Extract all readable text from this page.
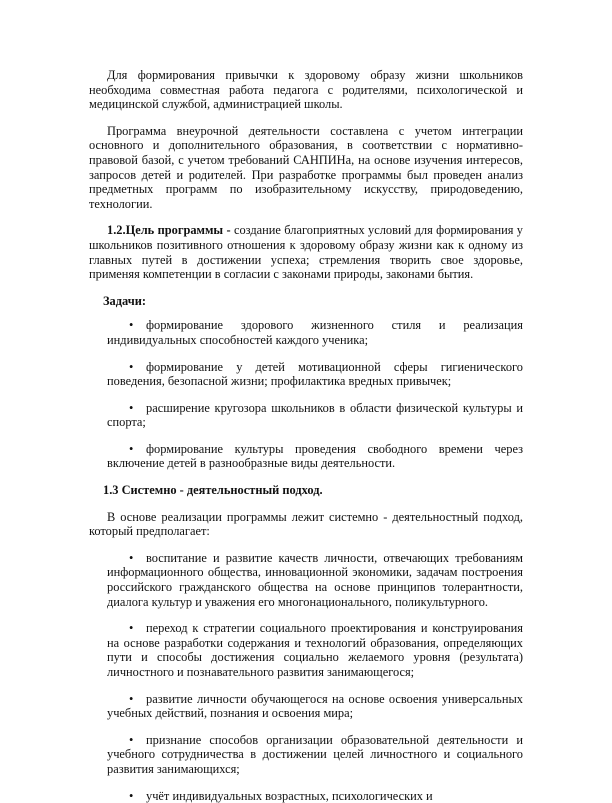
Для формирования привычки к здоровому образу жизни школьников необходима совместная работа педагога с родителями, психологической и медицинской службой, администрацией школы.

Программа внеурочной деятельности составлена с учетом интеграции основного и дополнительного образования, в соответствии с нормативно-правовой базой, с учетом требований САНПИНа, на основе изучения интересов, запросов детей и родителей. При разработке программы был проведен анализ предметных программ по изобразительному искусству, природоведению, технологии.

1.2.Цель программы - создание благоприятных условий для формирования у школьников позитивного отношения к здоровому образу жизни как к одному из главных путей в достижении успеха; стремления творить свое здоровье, применяя компетенции в согласии с законами природы, законами бытия.

Задачи:

• формирование здорового жизненного стиля и реализация индивидуальных способностей каждого ученика;
• формирование у детей мотивационной сферы гигиенического поведения, безопасной жизни; профилактика вредных привычек;
• расширение кругозора школьников в области физической культуры и спорта;
• формирование культуры проведения свободного времени через включение детей в разнообразные виды деятельности.

1.3 Системно - деятельностный подход.

В основе реализации программы лежит системно - деятельностный подход, который предполагает:

• воспитание и развитие качеств личности, отвечающих требованиям информационного общества, инновационной экономики, задачам построения российского гражданского общества на основе принципов толерантности, диалога культур и уважения его многонационального, поликультурного.
• переход к стратегии социального проектирования и конструирования на основе разработки содержания и технологий образования, определяющих пути и способы достижения социально желаемого уровня (результата) личностного и познавательного развития занимающегося;
• развитие личности обучающегося на основе освоения универсальных учебных действий, познания и освоения мира;
• признание способов организации образовательной деятельности и учебного сотрудничества в достижении целей личностного и социального развития занимающихся;
• учёт индивидуальных возрастных, психологических и
